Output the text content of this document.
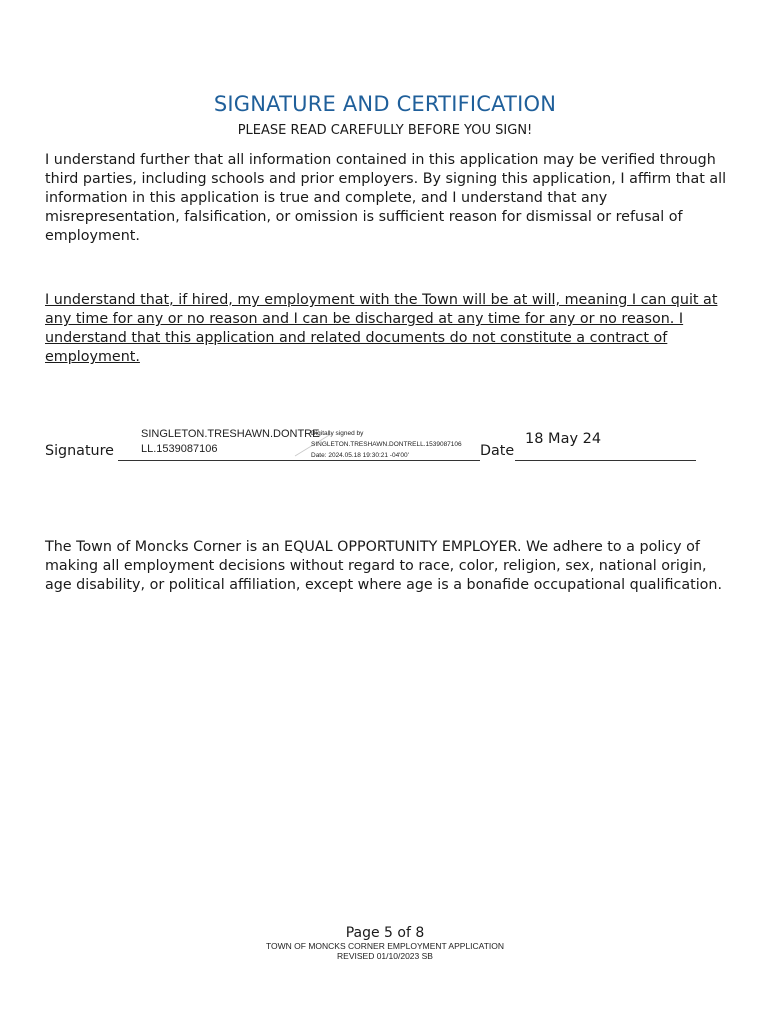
SIGNATURE AND CERTIFICATION
PLEASE READ CAREFULLY BEFORE YOU SIGN!

I understand further that all information contained in this application may be verified through third parties, including schools and prior employers. By signing this application, I affirm that all information in this application is true and complete, and I understand that any misrepresentation, falsification, or omission is sufficient reason for dismissal or refusal of employment.

I understand that, if hired, my employment with the Town will be at will, meaning I can quit at any time for any or no reason and I can be discharged at any time for any or no reason. I understand that this application and related documents do not constitute a contract of employment.

Signature
SINGLETON.TRESHAWN.DONTRE
LL.1539087106
Digitally signed by
SINGLETON.TRESHAWN.DONTRELL.1539087106
Date: 2024.05.18 19:30:21 -04'00'	Date
18 May 24

The Town of Moncks Corner is an EQUAL OPPORTUNITY EMPLOYER. We adhere to a policy of making all employment decisions without regard to race, color, religion, sex, national origin, age disability, or political affiliation, except where age is a bonafide occupational qualification.

Page 5 of 8
TOWN OF MONCKS CORNER EMPLOYMENT APPLICATION
REVISED 01/10/2023 SB
